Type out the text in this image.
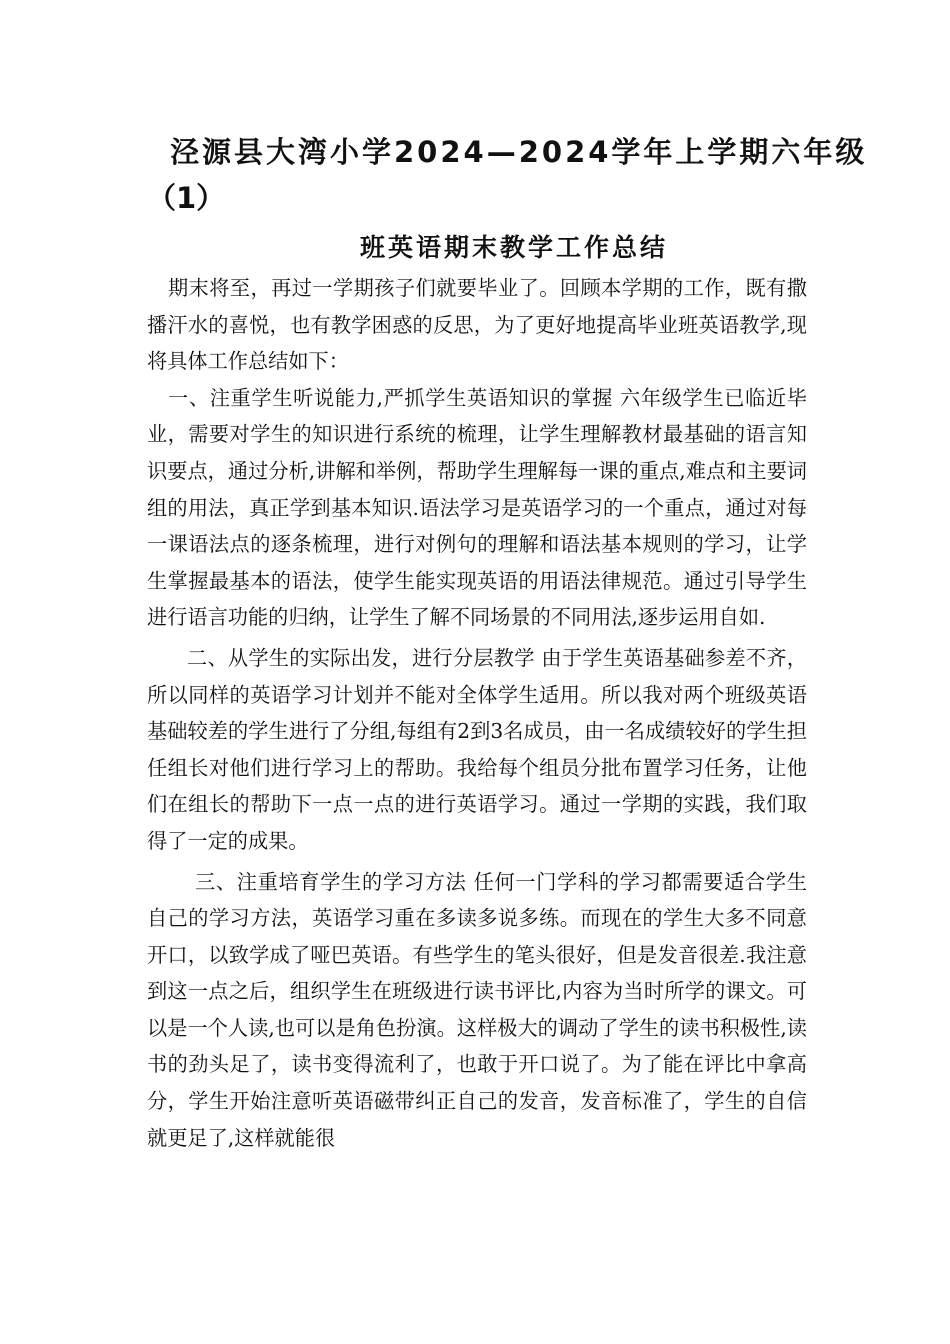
泾源县大湾小学2024—2024学年上学期六年级
（1）
班英语期末教学工作总结

期末将至，再过一学期孩子们就要毕业了。回顾本学期的工作，既有撒播汗水的喜悦，也有教学困惑的反思，为了更好地提高毕业班英语教学,现将具体工作总结如下：

一、注重学生听说能力,严抓学生英语知识的掌握 六年级学生已临近毕业，需要对学生的知识进行系统的梳理，让学生理解教材最基础的语言知识要点，通过分析,讲解和举例，帮助学生理解每一课的重点,难点和主要词组的用法，真正学到基本知识.语法学习是英语学习的一个重点，通过对每一课语法点的逐条梳理，进行对例句的理解和语法基本规则的学习，让学生掌握最基本的语法，使学生能实现英语的用语法律规范。通过引导学生进行语言功能的归纳，让学生了解不同场景的不同用法,逐步运用自如.

二、从学生的实际出发，进行分层教学 由于学生英语基础参差不齐，所以同样的英语学习计划并不能对全体学生适用。所以我对两个班级英语基础较差的学生进行了分组,每组有2到3名成员，由一名成绩较好的学生担任组长对他们进行学习上的帮助。我给每个组员分批布置学习任务，让他们在组长的帮助下一点一点的进行英语学习。通过一学期的实践，我们取得了一定的成果。

三、注重培育学生的学习方法 任何一门学科的学习都需要适合学生自己的学习方法，英语学习重在多读多说多练。而现在的学生大多不同意开口，以致学成了哑巴英语。有些学生的笔头很好，但是发音很差.我注意到这一点之后，组织学生在班级进行读书评比,内容为当时所学的课文。可以是一个人读,也可以是角色扮演。这样极大的调动了学生的读书积极性,读书的劲头足了，读书变得流利了，也敢于开口说了。为了能在评比中拿高分，学生开始注意听英语磁带纠正自己的发音，发音标准了，学生的自信就更足了,这样就能很
